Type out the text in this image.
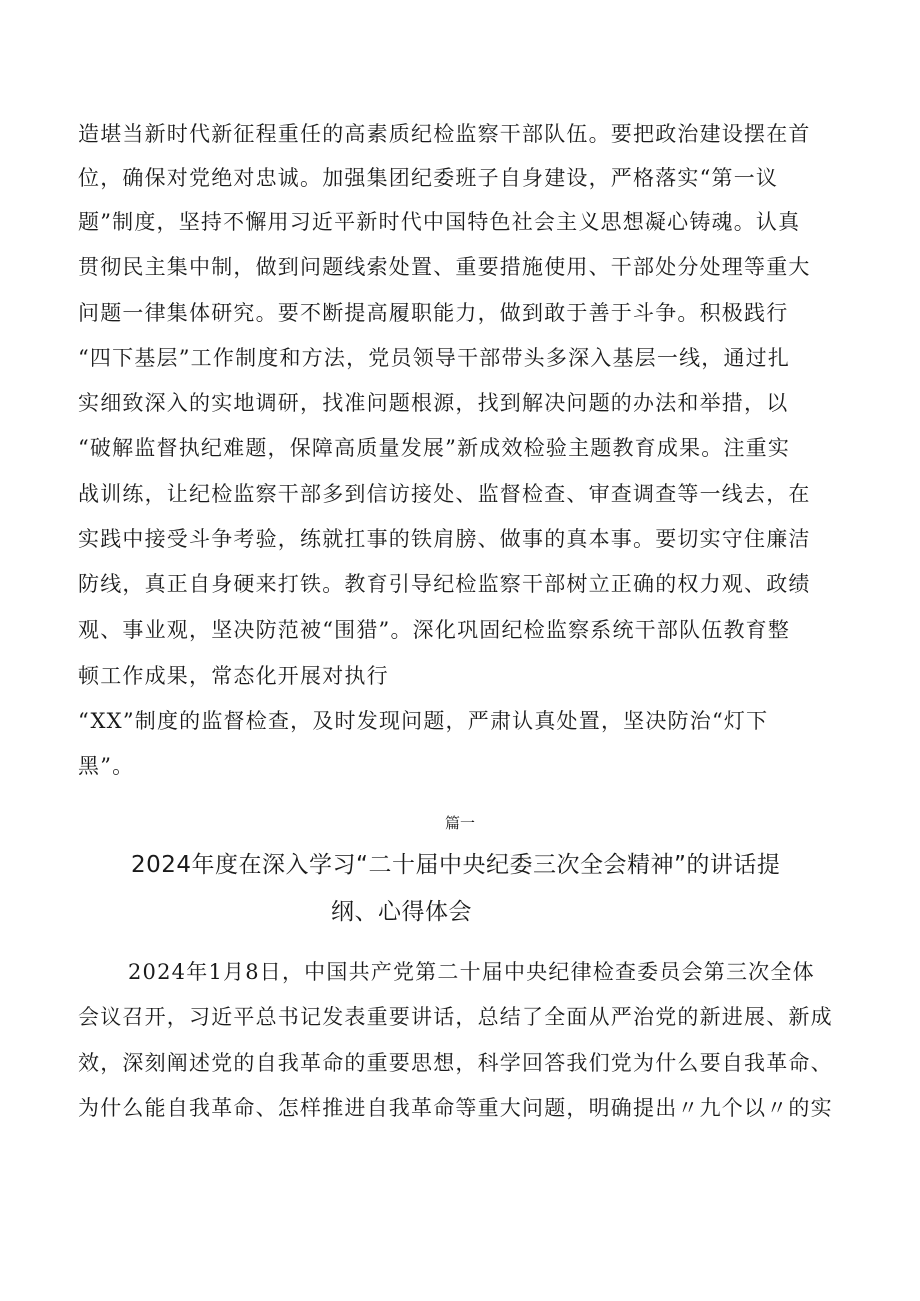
造堪当新时代新征程重任的高素质纪检监察干部队伍。要把政治建设摆在首
位，确保对党绝对忠诚。加强集团纪委班子自身建设，严格落实“第一议
题”制度，坚持不懈用习近平新时代中国特色社会主义思想凝心铸魂。认真
贯彻民主集中制，做到问题线索处置、重要措施使用、干部处分处理等重大
问题一律集体研究。要不断提高履职能力，做到敢于善于斗争。积极践行
“四下基层”工作制度和方法，党员领导干部带头多深入基层一线，通过扎
实细致深入的实地调研，找准问题根源，找到解决问题的办法和举措，以
“破解监督执纪难题，保障高质量发展”新成效检验主题教育成果。注重实
战训练，让纪检监察干部多到信访接处、监督检查、审查调查等一线去，在
实践中接受斗争考验，练就扛事的铁肩膀、做事的真本事。要切实守住廉洁
防线，真正自身硬来打铁。教育引导纪检监察干部树立正确的权力观、政绩
观、事业观，坚决防范被“围猎”。深化巩固纪检监察系统干部队伍教育整
顿工作成果，常态化开展对执行
“XX”制度的监督检查，及时发现问题，严肃认真处置，坚决防治“灯下
黑”。
篇一
2024年度在深入学习“二十届中央纪委三次全会精神”的讲话提
纲、心得体会
2024年1月8日，中国共产党第二十届中央纪律检查委员会第三次全体
会议召开，习近平总书记发表重要讲话，总结了全面从严治党的新进展、新成
效，深刻阐述党的自我革命的重要思想，科学回答我们党为什么要自我革命、
为什么能自我革命、怎样推进自我革命等重大问题，明确提出〃九个以〃的实
